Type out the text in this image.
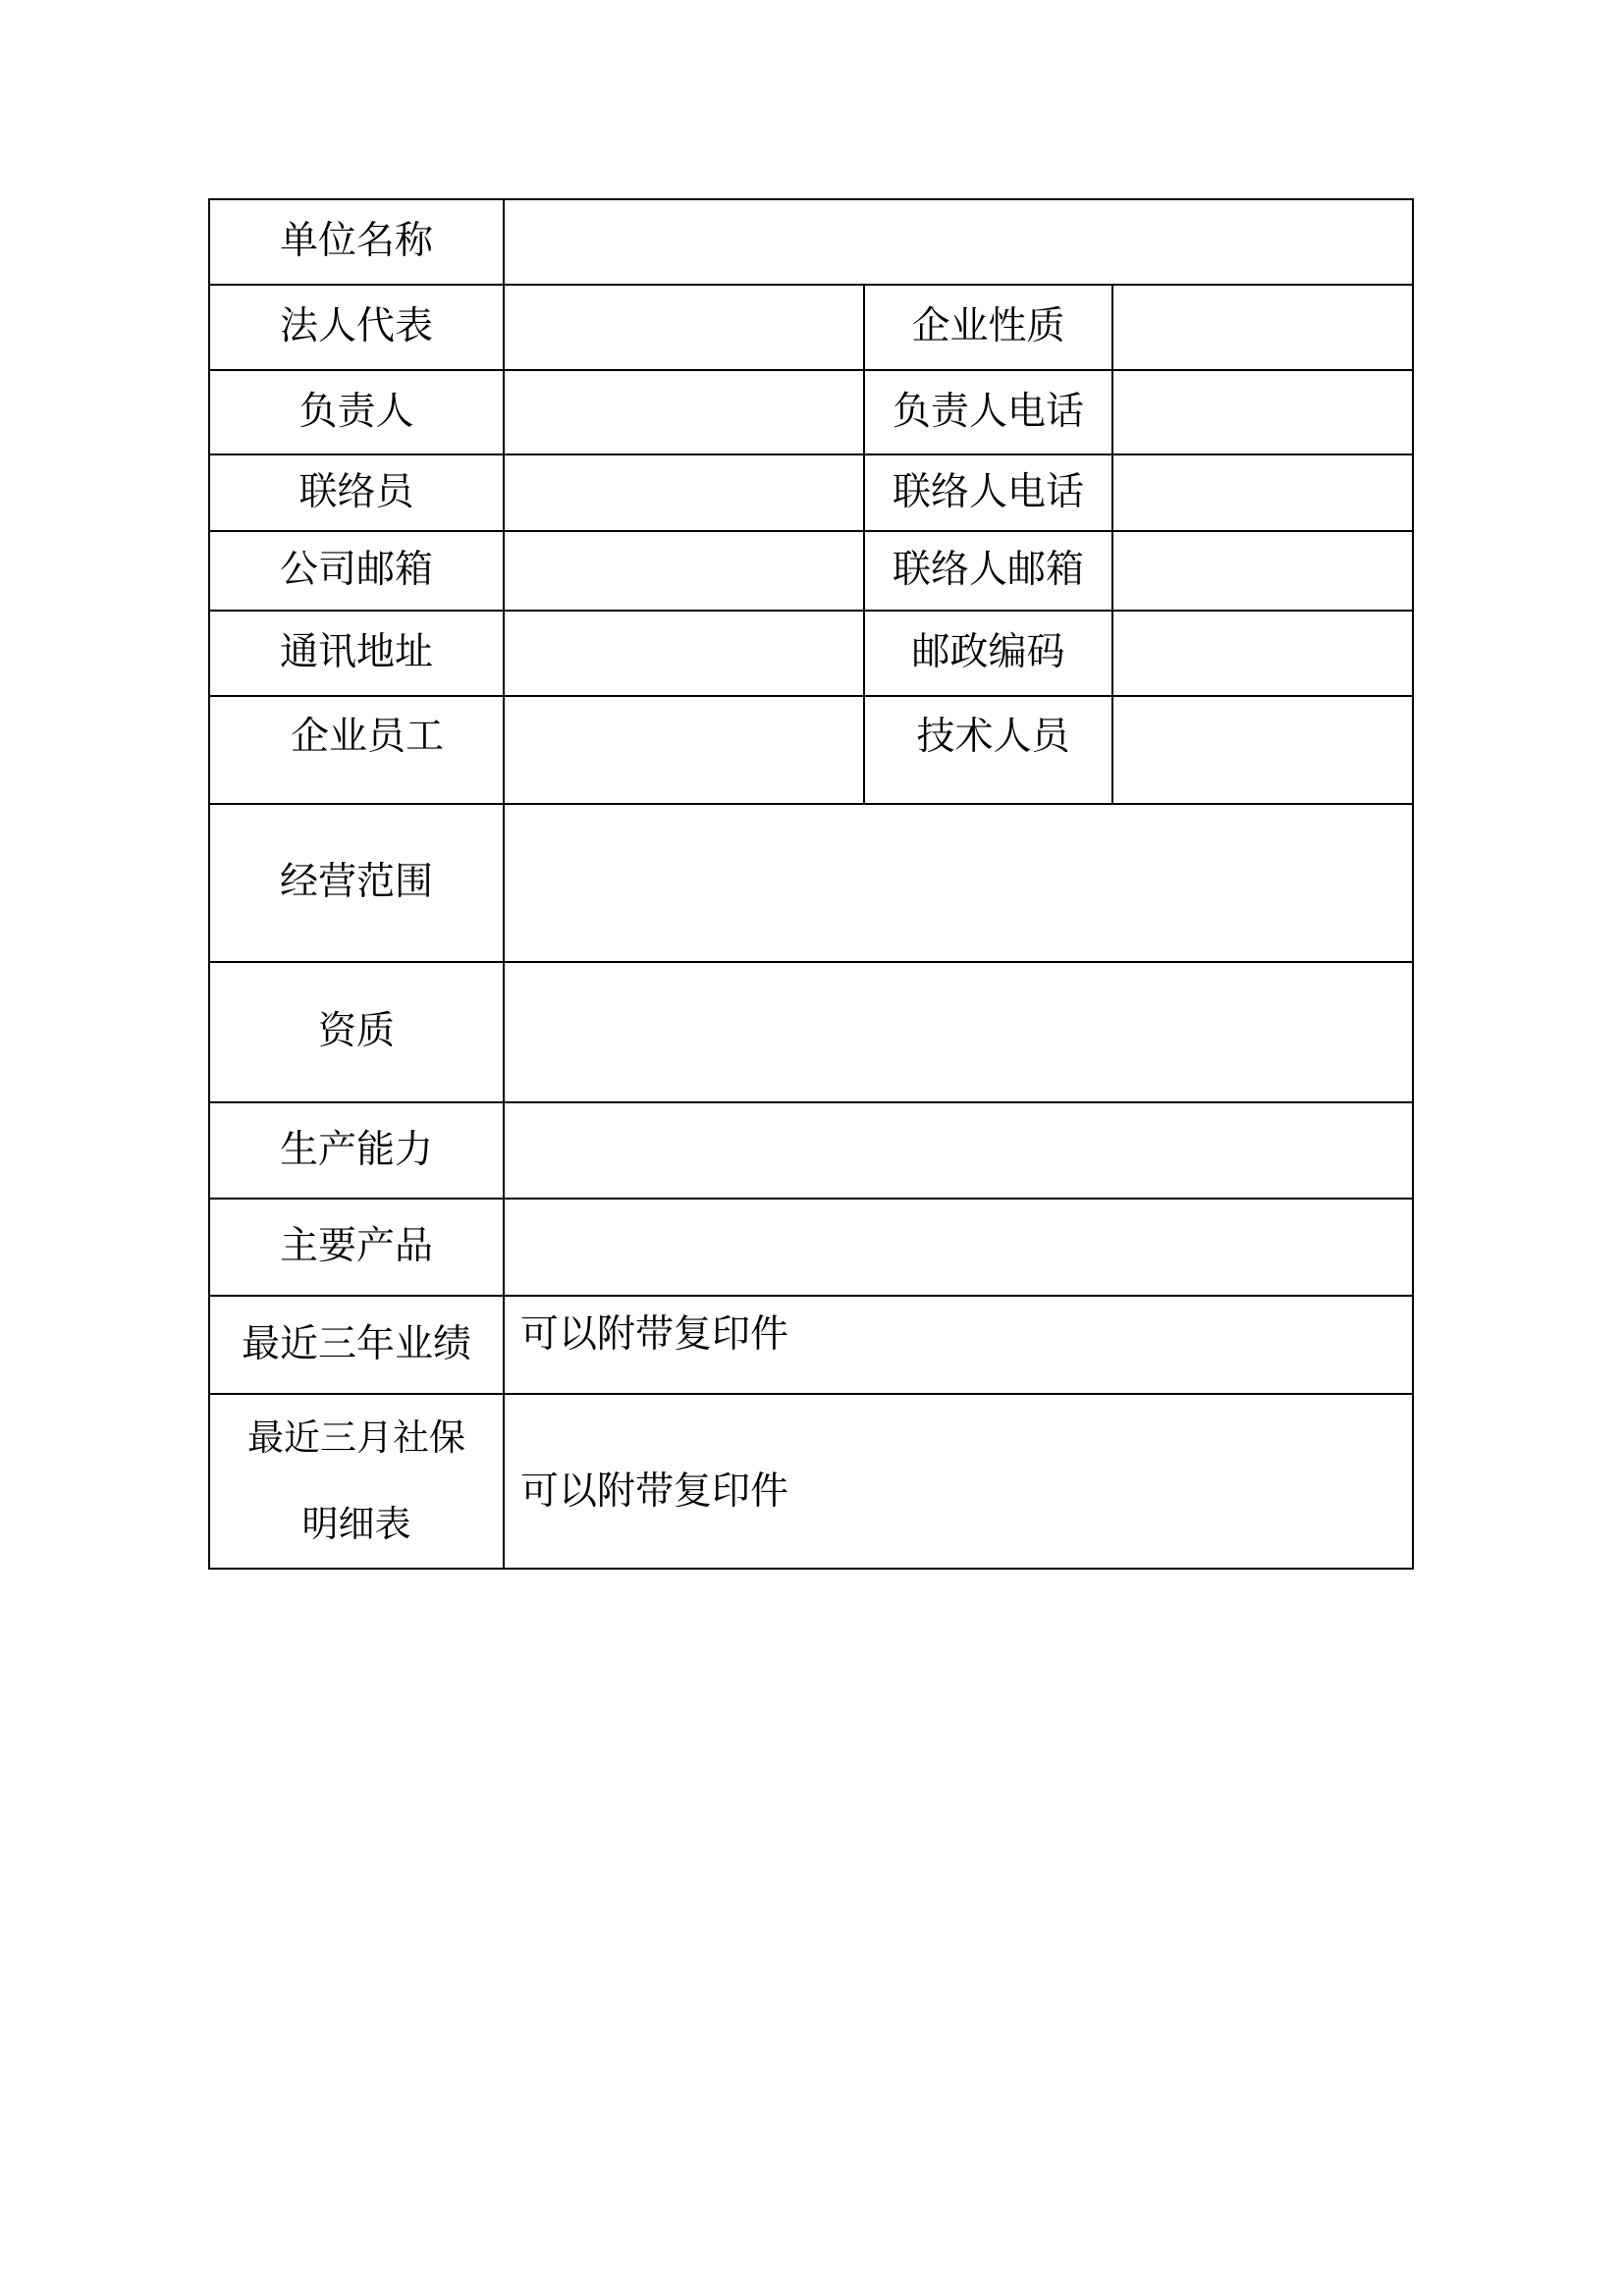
单位名称			
法人代表		企业性质	
负责人		负责人电话	
联络员		联络人电话	
公司邮箱		联络人邮箱	
通讯地址		邮政编码	
企业员工		技术人员	
经营范围			
资质			
生产能力			
主要产品			
最近三年业绩	可以附带复印件		
最近三月社保
明细表	可以附带复印件		
